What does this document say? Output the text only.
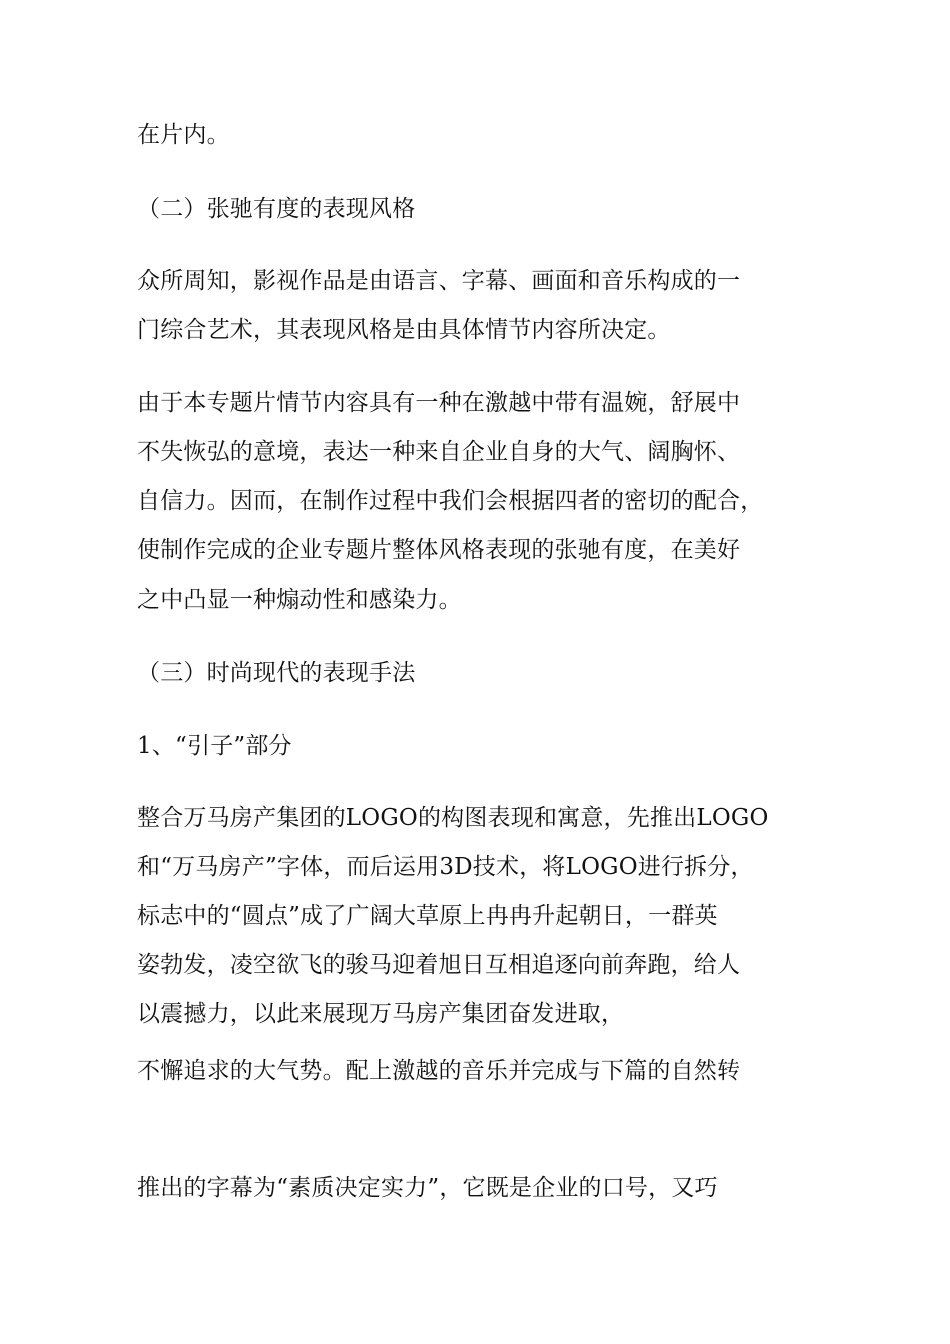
在片内。
（二）张驰有度的表现风格
众所周知，影视作品是由语言、字幕、画面和音乐构成的一
门综合艺术，其表现风格是由具体情节内容所决定。
由于本专题片情节内容具有一种在激越中带有温婉，舒展中
不失恢弘的意境，表达一种来自企业自身的大气、阔胸怀、
自信力。因而，在制作过程中我们会根据四者的密切的配合，
使制作完成的企业专题片整体风格表现的张驰有度，在美好
之中凸显一种煽动性和感染力。
（三）时尚现代的表现手法
1、“引子”部分
整合万马房产集团的LOGO的构图表现和寓意，先推出LOGO
和“万马房产”字体，而后运用3D技术，将LOGO进行拆分，
标志中的“圆点”成了广阔大草原上冉冉升起朝日，一群英
姿勃发，凌空欲飞的骏马迎着旭日互相追逐向前奔跑，给人
以震撼力，以此来展现万马房产集团奋发进取，
不懈追求的大气势。配上激越的音乐并完成与下篇的自然转
推出的字幕为“素质决定实力”，它既是企业的口号，又巧
